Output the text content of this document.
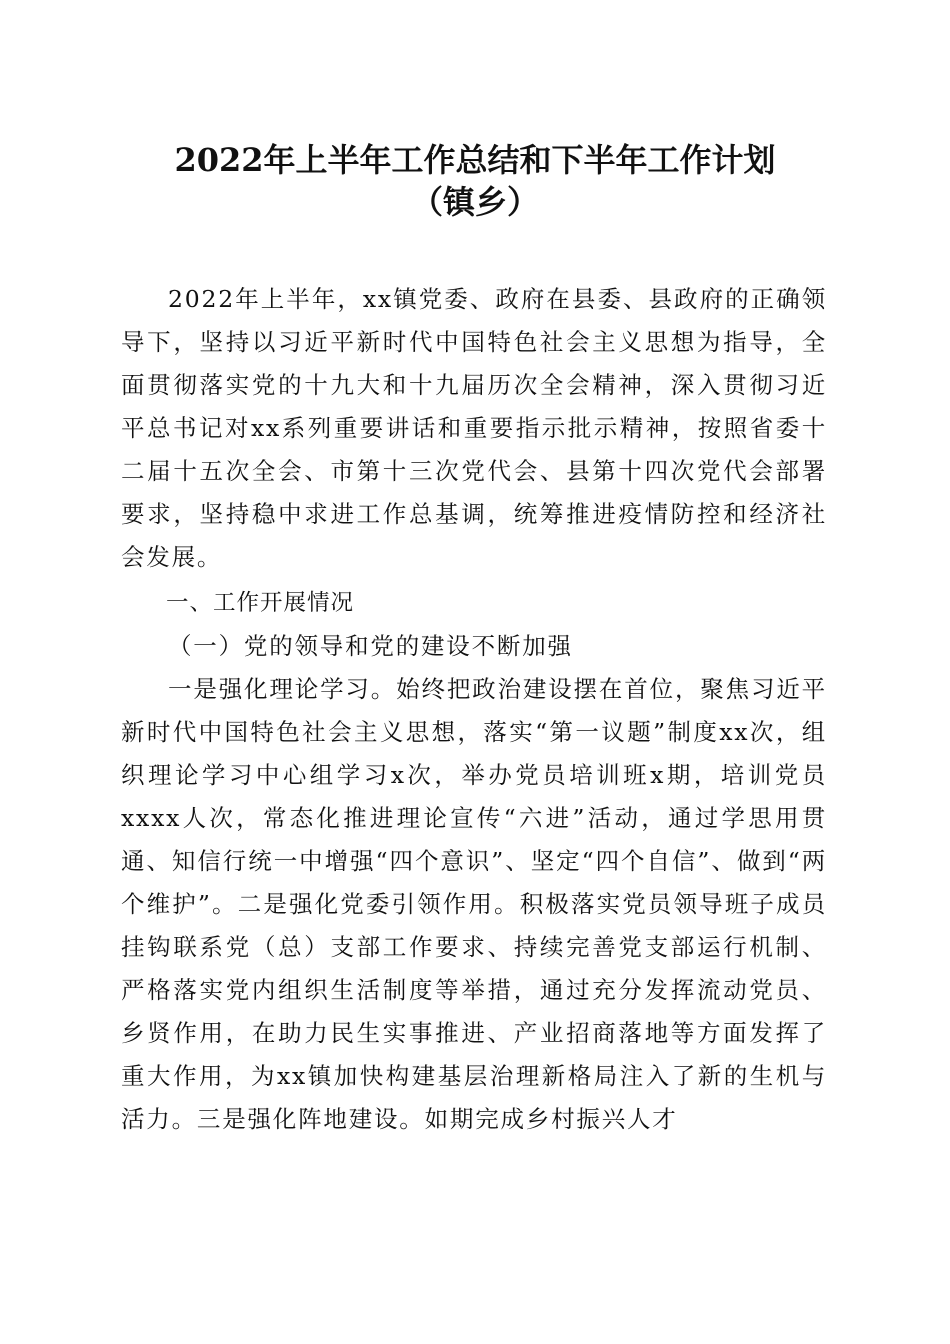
2022年上半年工作总结和下半年工作计划
（镇乡）

2022年上半年，xx镇党委、政府在县委、县政府的正确领导下，坚持以习近平新时代中国特色社会主义思想为指导，全面贯彻落实党的十九大和十九届历次全会精神，深入贯彻习近平总书记对xx系列重要讲话和重要指示批示精神，按照省委十二届十五次全会、市第十三次党代会、县第十四次党代会部署要求，坚持稳中求进工作总基调，统筹推进疫情防控和经济社会发展。

一、工作开展情况

（一）党的领导和党的建设不断加强

一是强化理论学习。始终把政治建设摆在首位，聚焦习近平新时代中国特色社会主义思想，落实“第一议题”制度xx次，组织理论学习中心组学习x次，举办党员培训班x期，培训党员xxxx人次，常态化推进理论宣传“六进”活动，通过学思用贯通、知信行统一中增强“四个意识”、坚定“四个自信”、做到“两个维护”。二是强化党委引领作用。积极落实党员领导班子成员挂钩联系党（总）支部工作要求、持续完善党支部运行机制、严格落实党内组织生活制度等举措，通过充分发挥流动党员、乡贤作用，在助力民生实事推进、产业招商落地等方面发挥了重大作用，为xx镇加快构建基层治理新格局注入了新的生机与活力。三是强化阵地建设。如期完成乡村振兴人才
